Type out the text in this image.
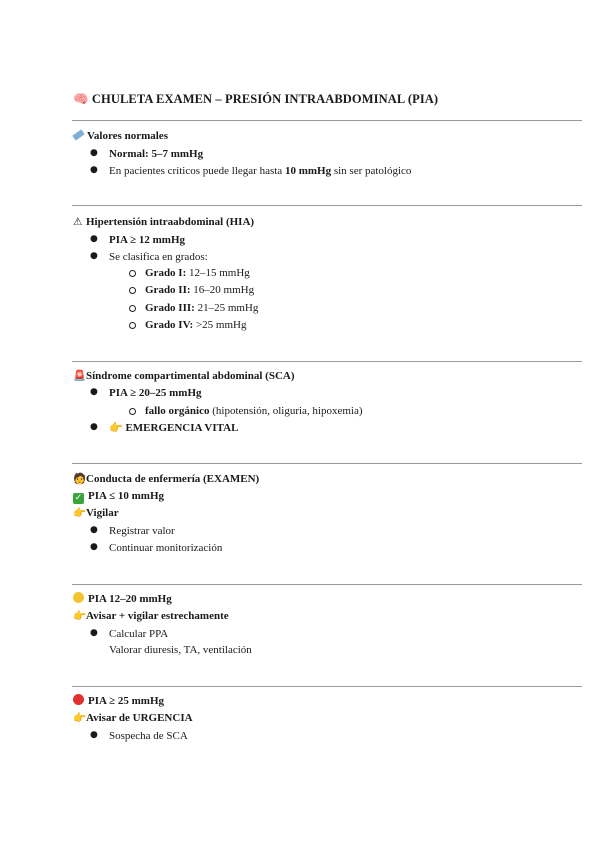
🧠 CHULETA EXAMEN – PRESIÓN INTRAABDOMINAL (PIA)
Valores normales
● Normal: 5–7 mmHg
● En pacientes críticos puede llegar hasta 10 mmHg sin ser patológico
⚠ Hipertensión intraabdominal (HIA)
● PIA ≥ 12 mmHg
● Se clasifica en grados:
Grado I: 12–15 mmHg
Grado II: 16–20 mmHg
Grado III: 21–25 mmHg
Grado IV: >25 mmHg
🚨Síndrome compartimental abdominal (SCA)
● PIA ≥ 20–25 mmHg
fallo orgánico (hipotensión, oliguria, hipoxemia)
● 👉 EMERGENCIA VITAL
🧑Conducta de enfermería (EXAMEN)
✓ PIA ≤ 10 mmHg
👉Vigilar
● Registrar valor
● Continuar monitorización
PIA 12–20 mmHg
👉Avisar + vigilar estrechamente
● Calcular PPA
Valorar diuresis, TA, ventilación
PIA ≥ 25 mmHg
👉Avisar de URGENCIA
● Sospecha de SCA
